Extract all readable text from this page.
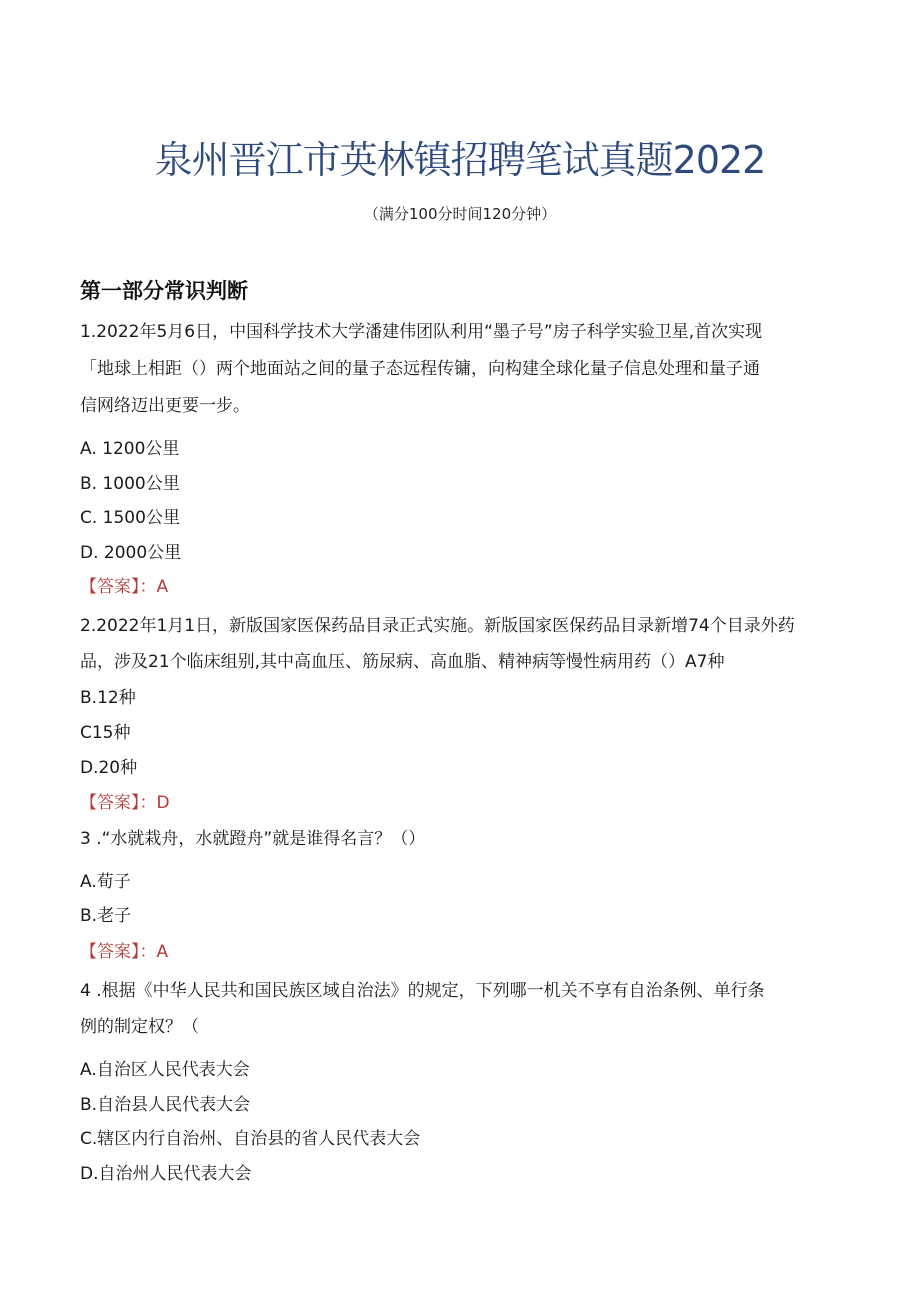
泉州晋江市英林镇招聘笔试真题2022
（满分100分时间120分钟）
第一部分常识判断
1.2022年5月6日，中国科学技术大学潘建伟团队利用“墨子号”房子科学实验卫星,首次实现
「地球上相距（）两个地面站之间的量子态远程传镛，向构建全球化量子信息处理和量子通
信网络迈出更要一步。
A. 1200公里
B. 1000公里
C. 1500公里
D. 2000公里
【答案】：A
2.2022年1月1日，新版国家医保药品目录正式实施。新版国家医保药品目录新增74个目录外药
品，涉及21个临床组别,其中高血压、筋尿病、高血脂、精神病等慢性病用药（）A7种
B.12种
C15种
D.20种
【答案】：D
3 .“水就栽舟，水就蹬舟”就是谁得名言？（）
A.荀子
B.老子
【答案】：A
4 .根据《中华人民共和国民族区域自治法》的规定，下列哪一机关不享有自治条例、单行条
例的制定权？（
A.自治区人民代表大会
B.自治县人民代表大会
C.辖区内行自治州、自治县的省人民代表大会
D.自治州人民代表大会
